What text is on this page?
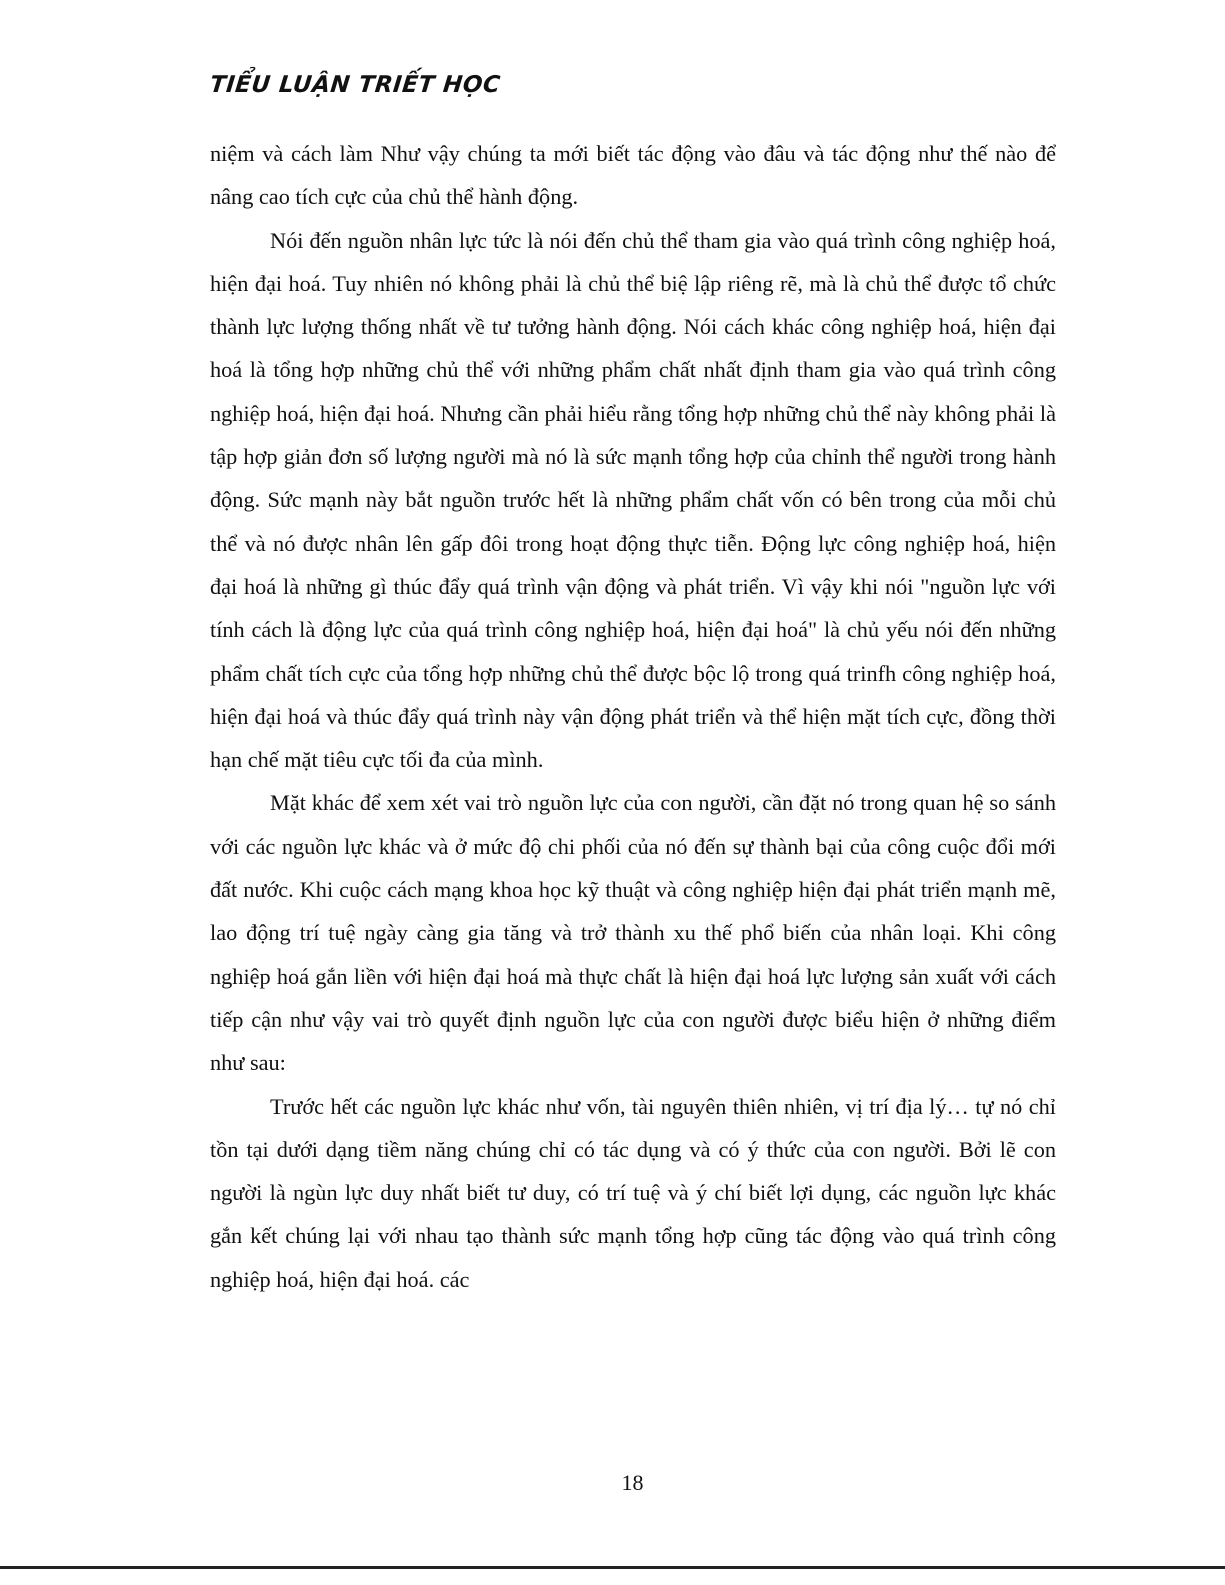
TIỂU LUẬN TRIẾT HỌC

niệm và cách làm Như vậy chúng ta mới biết tác động vào đâu và tác động như thế nào để nâng cao tích cực của chủ thể hành động.

Nói đến nguồn nhân lực tức là nói đến chủ thể tham gia vào quá trình công nghiệp hoá, hiện đại hoá. Tuy nhiên nó không phải là chủ thể biệ lập riêng rẽ, mà là chủ thể được tổ chức thành lực lượng thống nhất về tư tưởng hành động. Nói cách khác công nghiệp hoá, hiện đại hoá là tổng hợp những chủ thể với những phẩm chất nhất định tham gia vào quá trình công nghiệp hoá, hiện đại hoá. Nhưng cần phải hiểu rằng tổng hợp những chủ thể này không phải là tập hợp giản đơn số lượng người mà nó là sức mạnh tổng hợp của chỉnh thể người trong hành động. Sức mạnh này bắt nguồn trước hết là những phẩm chất vốn có bên trong của mỗi chủ thể và nó được nhân lên gấp đôi trong hoạt động thực tiễn. Động lực công nghiệp hoá, hiện đại hoá là những gì thúc đẩy quá trình vận động và phát triển. Vì vậy khi nói "nguồn lực với tính cách là động lực của quá trình công nghiệp hoá, hiện đại hoá" là chủ yếu nói đến những phẩm chất tích cực của tổng hợp những chủ thể được bộc lộ trong quá trinfh công nghiệp hoá, hiện đại hoá và thúc đẩy quá trình này vận động phát triển và thể hiện mặt tích cực, đồng thời hạn chế mặt tiêu cực tối đa của mình.

Mặt khác để xem xét vai trò nguồn lực của con người, cần đặt nó trong quan hệ so sánh với các nguồn lực khác và ở mức độ chi phối của nó đến sự thành bại của công cuộc đổi mới đất nước. Khi cuộc cách mạng khoa học kỹ thuật và công nghiệp hiện đại phát triển mạnh mẽ, lao động trí tuệ ngày càng gia tăng và trở thành xu thế phổ biến của nhân loại. Khi công nghiệp hoá gắn liền với hiện đại hoá mà thực chất là hiện đại hoá lực lượng sản xuất với cách tiếp cận như vậy vai trò quyết định nguồn lực của con người được biểu hiện ở những điểm như sau:

Trước hết các nguồn lực khác như vốn, tài nguyên thiên nhiên, vị trí địa lý… tự nó chỉ tồn tại dưới dạng tiềm năng chúng chỉ có tác dụng và có ý thức của con người. Bởi lẽ con người là ngùn lực duy nhất biết tư duy, có trí tuệ và ý chí biết lợi dụng, các nguồn lực khác gắn kết chúng lại với nhau tạo thành sức mạnh tổng hợp cũng tác động vào quá trình công nghiệp hoá, hiện đại hoá. các

18
